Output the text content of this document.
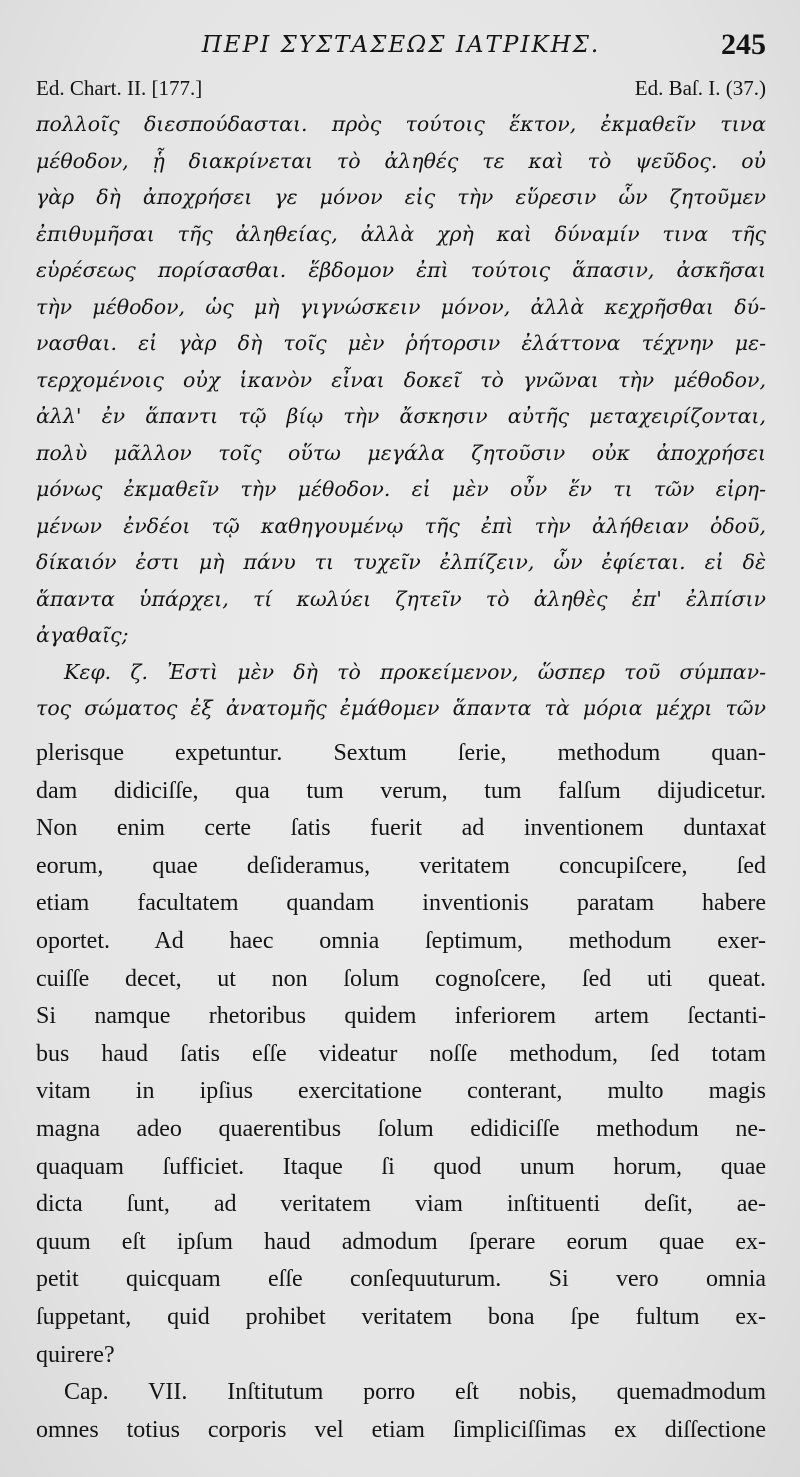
ΠΕΡΙ ΣΥΣΤΑΣΕΩΣ ΙΑΤΡΙΚΗΣ.	245
Ed. Chart. II. [177.]	Ed. Baſ. I. (37.)
πολλοῖς διεσπούδασται. πρὸς τούτοις ἕκτον, ἐκμαθεῖν τινα
μέθοδον, ᾗ διακρίνεται τὸ ἀληθές τε καὶ τὸ ψεῦδος. οὐ
γὰρ δὴ ἀποχρήσει γε μόνον εἰς τὴν εὕρεσιν ὧν ζητοῦμεν
ἐπιθυμῆσαι τῆς ἀληθείας, ἀλλὰ χρὴ καὶ δύναμίν τινα τῆς
εὑρέσεως πορίσασθαι. ἕβδομον ἐπὶ τούτοις ἅπασιν, ἀσκῆσαι
τὴν μέθοδον, ὡς μὴ γιγνώσκειν μόνον, ἀλλὰ κεχρῆσθαι δύ-
νασθαι. εἰ γὰρ δὴ τοῖς μὲν ῥήτορσιν ἐλάττονα τέχνην με-
τερχομένοις οὐχ ἱκανὸν εἶναι δοκεῖ τὸ γνῶναι τὴν μέθοδον,
ἀλλ' ἐν ἅπαντι τῷ βίῳ τὴν ἄσκησιν αὐτῆς μεταχειρίζονται,
πολὺ μᾶλλον τοῖς οὕτω μεγάλα ζητοῦσιν οὐκ ἀποχρήσει
μόνως ἐκμαθεῖν τὴν μέθοδον. εἰ μὲν οὖν ἕν τι τῶν εἰρη-
μένων ἐνδέοι τῷ καθηγουμένῳ τῆς ἐπὶ τὴν ἀλήθειαν ὁδοῦ,
δίκαιόν ἐστι μὴ πάνυ τι τυχεῖν ἐλπίζειν, ὧν ἐφίεται. εἰ δὲ
ἅπαντα ὑπάρχει, τί κωλύει ζητεῖν τὸ ἀληθὲς ἐπ' ἐλπίσιν
ἀγαθαῖς;
Κεφ. ζ. Ἐστὶ μὲν δὴ τὸ προκείμενον, ὥσπερ τοῦ σύμπαν-
τος σώματος ἐξ ἀνατομῆς ἐμάθομεν ἅπαντα τὰ μόρια μέχρι τῶν
plerisque expetuntur. Sextum ſerie, methodum quan-
dam didiciſſe, qua tum verum, tum falſum dijudicetur.
Non enim certe ſatis fuerit ad inventionem duntaxat
eorum, quae deſideramus, veritatem concupiſcere, ſed
etiam facultatem quandam inventionis paratam habere
oportet. Ad haec omnia ſeptimum, methodum exer-
cuiſſe decet, ut non ſolum cognoſcere, ſed uti queat.
Si namque rhetoribus quidem inferiorem artem ſectanti-
bus haud ſatis eſſe videatur noſſe methodum, ſed totam
vitam in ipſius exercitatione conterant, multo magis
magna adeo quaerentibus ſolum edidiciſſe methodum ne-
quaquam ſufficiet. Itaque ſi quod unum horum, quae
dicta ſunt, ad veritatem viam inſtituenti deſit, ae-
quum eſt ipſum haud admodum ſperare eorum quae ex-
petit quicquam eſſe conſequuturum. Si vero omnia
ſuppetant, quid prohibet veritatem bona ſpe fultum ex-
quirere?
Cap. VII. Inſtitutum porro eſt nobis, quemadmodum
omnes totius corporis vel etiam ſimpliciſſimas ex diſſectione
